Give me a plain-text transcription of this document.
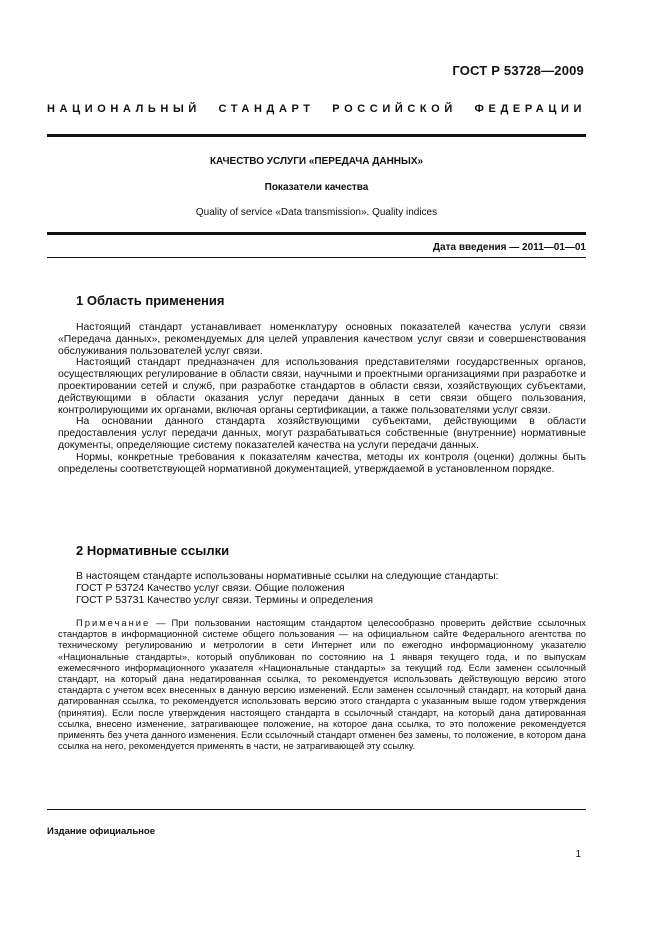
ГОСТ Р 53728—2009
НАЦИОНАЛЬНЫЙ СТАНДАРТ РОССИЙСКОЙ ФЕДЕРАЦИИ
КАЧЕСТВО УСЛУГИ «ПЕРЕДАЧА ДАННЫХ»
Показатели качества
Quality of service «Data transmission». Quality indices
Дата введения — 2011—01—01
1 Область применения

Настоящий стандарт устанавливает номенклатуру основных показателей качества услуги связи «Передача данных», рекомендуемых для целей управления качеством услуг связи и совершенствования обслуживания пользователей услуг связи.

Настоящий стандарт предназначен для использования представителями государственных органов, осуществляющих регулирование в области связи, научными и проектными организациями при разработке и проектировании сетей и служб, при разработке стандартов в области связи, хозяйствующих субъектами, действующими в области оказания услуг передачи данных в сети связи общего пользования, контролирующими их органами, включая органы сертификации, а также пользователями услуг связи.

На основании данного стандарта хозяйствующими субъектами, действующими в области предоставления услуг передачи данных, могут разрабатываться собственные (внутренние) нормативные документы, определяющие систему показателей качества на услуги передачи данных.

Нормы, конкретные требования к показателям качества, методы их контроля (оценки) должны быть определены соответствующей нормативной документацией, утверждаемой в установленном порядке.

2 Нормативные ссылки
В настоящем стандарте использованы нормативные ссылки на следующие стандарты:
ГОСТ Р 53724 Качество услуг связи. Общие положения
ГОСТ Р 53731 Качество услуг связи. Термины и определения

Примечание — При пользовании настоящим стандартом целесообразно проверить действие ссылочных стандартов в информационной системе общего пользования — на официальном сайте Федерального агентства по техническому регулированию и метрологии в сети Интернет или по ежегодно информационному указателю «Национальные стандарты», который опубликован по состоянию на 1 января текущего года, и по выпускам ежемесячного информационного указателя «Национальные стандарты» за текущий год. Если заменен ссылочный стандарт, на который дана недатированная ссылка, то рекомендуется использовать действующую версию этого стандарта с учетом всех внесенных в данную версию изменений. Если заменен ссылочный стандарт, на который дана датированная ссылка, то рекомендуется использовать версию этого стандарта с указанным выше годом утверждения (принятия). Если после утверждения настоящего стандарта в ссылочный стандарт, на который дана датированная ссылка, внесено изменение, затрагивающее положение, на которое дана ссылка, то это положение рекомендуется применять без учета данного изменения. Если ссылочный стандарт отменен без замены, то положение, в котором дана ссылка на него, рекомендуется применять в части, не затрагивающей эту ссылку.

Издание официальное
1
